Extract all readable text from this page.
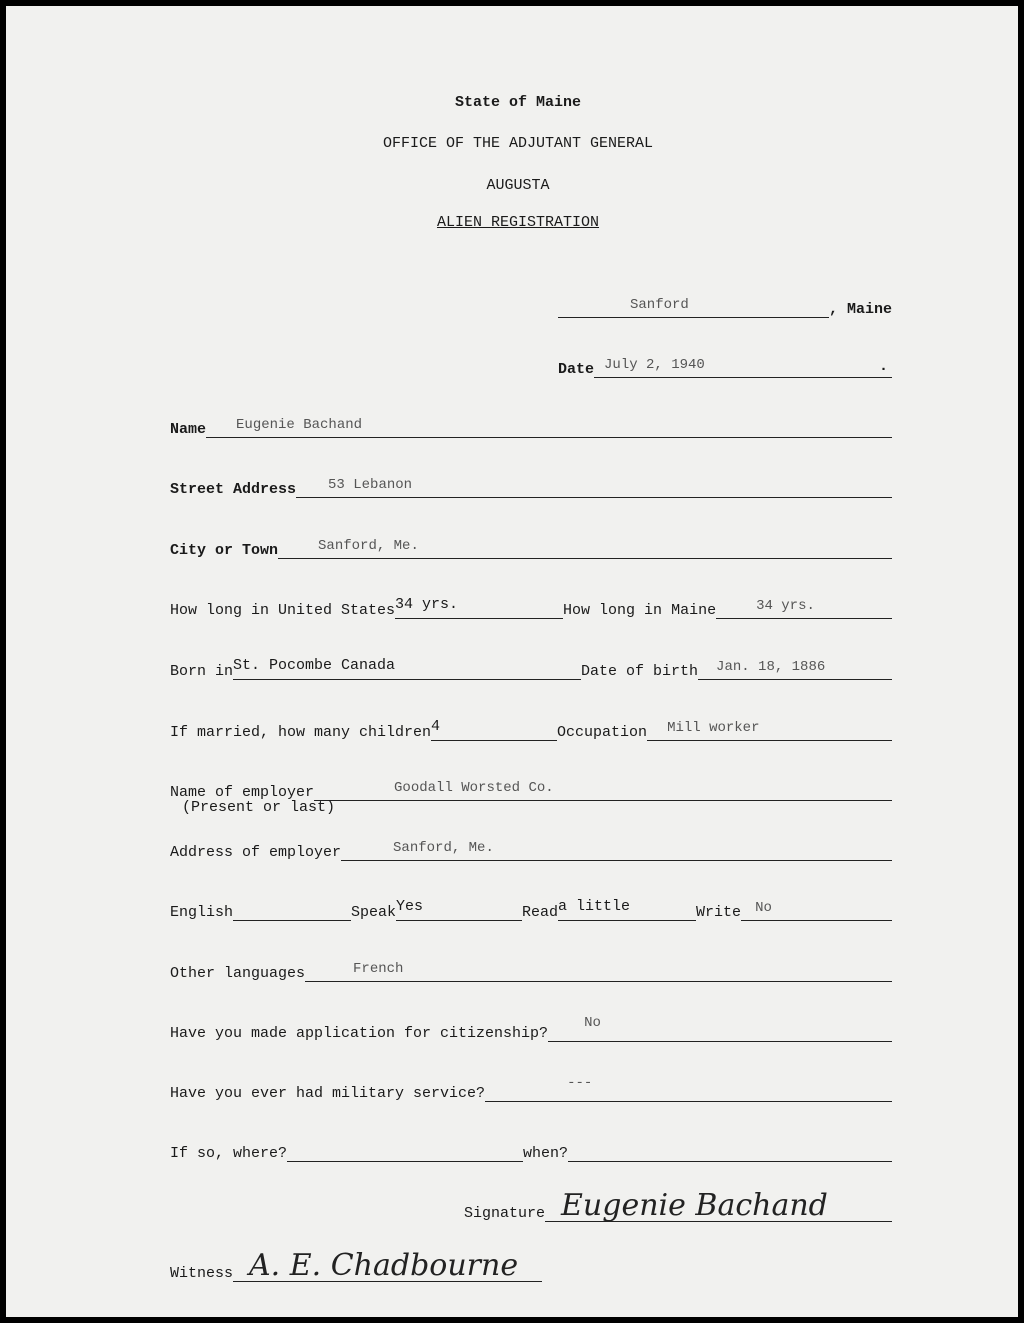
State of Maine
OFFICE OF THE ADJUTANT GENERAL
AUGUSTA
ALIEN REGISTRATION
Sanford	, Maine
Date July 2, 1940	.
Name Eugenie Bachand
Street Address 53 Lebanon
City or Town	Sanford, Me.
How long in United States 34 yrs.	How long in Maine	34 yrs.
Born in St. Pocombe Canada	Date of birth Jan. 18, 1886
If married, how many children 4	Occupation Mill worker
Name of employer	Goodall Worsted Co.
(Present or last)
Address of employer	Sanford, Me.
English	Speak Yes	Read a little	Write No
Other languages	French
Have you made application for citizenship?
No
Have you ever had military service?
---
If so, where?	when?
Signature Eugenie Bachand
Witness A. E. Chadbourne
